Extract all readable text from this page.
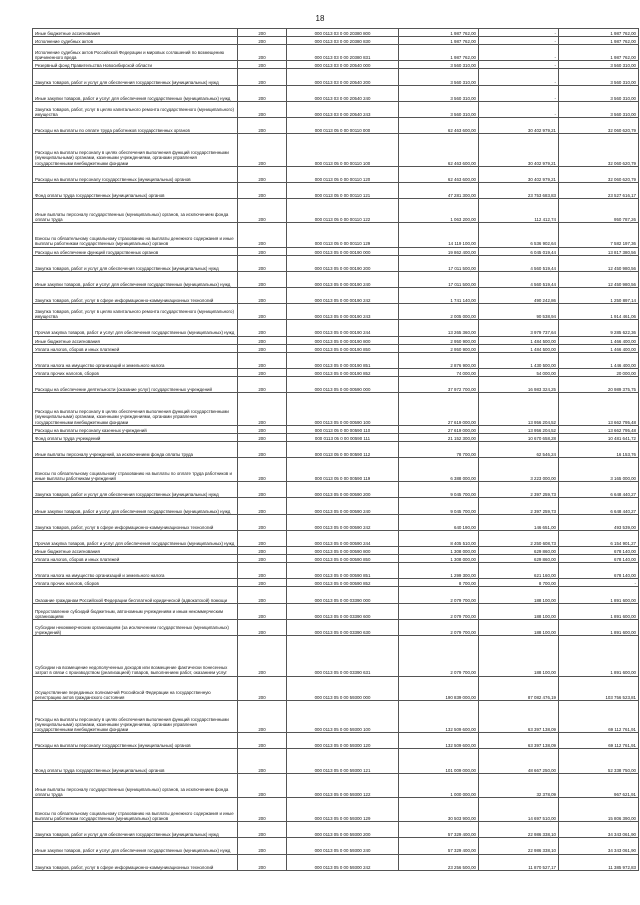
18
Иные бюджетные ассигнования	200	000 0113 03 0 00 20380 800	1 987 762,00	-	1 987 762,00
Исполнение судебных актов	200	000 0113 03 0 00 20380 830	1 987 762,00	-	1 987 762,00
Исполнение судебных актов Российской Федерации и мировых соглашений по возмещению причиненного вреда	200	000 0113 03 0 00 20380 831	1 987 762,00	-	1 987 762,00
Резервный фонд Правительства Новосибирской области	200	000 0113 03 0 00 20540 000	3 560 310,00	-	3 560 310,00
Закупка товаров, работ и услуг для обеспечения государственных (муниципальных) нужд	200	000 0113 03 0 00 20540 200	3 560 310,00	-	3 560 310,00
Иные закупки товаров, работ и услуг для обеспечения государственных (муниципальных) нужд	200	000 0113 03 0 00 20540 240	3 560 310,00	-	3 560 310,00
Закупка товаров, работ, услуг в целях капитального ремонта государственного (муниципального) имущества	200	000 0113 03 0 00 20540 243	3 560 310,00	-	3 560 310,00
Расходы на выплаты по оплате труда работников государственных органов	200	000 0113 05 0 00 00110 000	62 463 600,00	30 402 979,21	32 060 620,79
Расходы на выплаты персоналу в целях обеспечения выполнения функций государственными (муниципальными) органами, казенными учреждениями, органами управления государственными внебюджетными фондами	200	000 0113 05 0 00 00110 100	62 463 600,00	30 402 979,21	32 060 620,79
Расходы на выплаты персоналу государственных (муниципальных) органов	200	000 0113 05 0 00 00110 120	62 463 600,00	30 402 979,21	32 060 620,79
Фонд оплаты труда государственных (муниципальных) органов	200	000 0113 05 0 00 00110 121	47 281 300,00	23 753 683,83	23 527 616,17
Иные выплаты персоналу государственных (муниципальных) органов, за исключением фонда оплаты труда	200	000 0113 05 0 00 00110 122	1 063 200,00	112 412,74	950 787,26
Взносы по обязательному социальному страхованию на выплаты денежного содержания и иные выплаты работникам государственных (муниципальных) органов	200	000 0113 05 0 00 00110 129	14 119 100,00	6 536 902,64	7 582 197,36
Расходы на обеспечение функций государственных органов	200	000 0113 05 0 00 00190 000	19 862 400,00	6 045 019,44	13 817 380,56
Закупка товаров, работ и услуг для обеспечения государственных (муниципальных) нужд	200	000 0113 05 0 00 00190 200	17 011 500,00	4 560 519,44	12 450 980,56
Иные закупки товаров, работ и услуг для обеспечения государственных (муниципальных) нужд	200	000 0113 05 0 00 00190 240	17 011 500,00	4 560 519,44	12 450 980,56
Закупка товаров, работ, услуг в сфере информационно-коммуникационных технологий	200	000 0113 05 0 00 00190 242	1 741 140,00	490 242,86	1 250 897,14
Закупка товаров, работ, услуг в целях капитального ремонта государственного (муниципального) имущества	200	000 0113 05 0 00 00190 243	2 005 000,00	90 538,94	1 914 461,06
Прочая закупка товаров, работ и услуг для обеспечения государственных (муниципальных) нужд	200	000 0113 05 0 00 00190 244	13 265 360,00	3 979 737,64	9 285 622,36
Иные бюджетные ассигнования	200	000 0113 05 0 00 00190 800	2 950 900,00	1 484 500,00	1 466 400,00
Уплата налогов, сборов и иных платежей	200	000 0113 05 0 00 00190 850	2 950 900,00	1 484 500,00	1 466 400,00
Уплата налога на имущество организаций и земельного налога	200	000 0113 05 0 00 00190 851	2 876 900,00	1 430 500,00	1 446 400,00
Уплата прочих налогов, сборов	200	000 0113 05 0 00 00190 852	74 000,00	54 000,00	20 000,00
Расходы на обеспечение деятельности (оказание услуг) государственных учреждений	200	000 0113 05 0 00 00590 000	37 972 700,00	16 983 324,25	20 989 375,75
Расходы на выплаты персоналу в целях обеспечения выполнения функций государственными (муниципальными) органами, казенными учреждениями, органами управления государственными внебюджетными фондами	200	000 0113 05 0 00 00590 100	27 619 000,00	13 956 204,52	13 662 795,48
Расходы на выплаты персоналу казенных учреждений	200	000 0113 05 0 00 00590 110	27 619 000,00	13 956 204,52	13 662 795,48
Фонд оплаты труда учреждений	200	000 0113 05 0 00 00590 111	21 152 300,00	10 670 658,28	10 481 641,72
Иные выплаты персоналу учреждений, за исключением фонда оплаты труда	200	000 0113 05 0 00 00590 112	78 700,00	62 546,24	16 153,76
Взносы по обязательному социальному страхованию на выплаты по оплате труда работников и иные выплаты работникам учреждений	200	000 0113 05 0 00 00590 119	6 388 000,00	3 223 000,00	3 165 000,00
Закупка товаров, работ и услуг для обеспечения государственных (муниципальных) нужд	200	000 0113 05 0 00 00590 200	9 045 700,00	2 397 259,73	6 648 440,27
Иные закупки товаров, работ и услуг для обеспечения государственных (муниципальных) нужд	200	000 0113 05 0 00 00590 240	9 045 700,00	2 397 259,73	6 648 440,27
Закупка товаров, работ, услуг в сфере информационно-коммуникационных технологий	200	000 0113 05 0 00 00590 242	640 190,00	146 651,00	493 539,00
Прочая закупка товаров, работ и услуг для обеспечения государственных (муниципальных) нужд	200	000 0113 05 0 00 00590 244	8 405 510,00	2 250 608,73	6 154 901,27
Иные бюджетные ассигнования	200	000 0113 05 0 00 00590 800	1 308 000,00	629 860,00	678 140,00
Уплата налогов, сборов и иных платежей	200	000 0113 05 0 00 00590 850	1 308 000,00	629 860,00	678 140,00
Уплата налога на имущество организаций и земельного налога	200	000 0113 05 0 00 00590 851	1 299 300,00	621 160,00	678 140,00
Уплата прочих налогов, сборов	200	000 0113 05 0 00 00590 852	8 700,00	8 700,00	-
Оказание гражданам Российской Федерации бесплатной юридической (адвокатской) помощи	200	000 0113 05 0 00 03390 000	2 079 700,00	188 100,00	1 891 600,00
Предоставление субсидий бюджетным, автономным учреждениям и иным некоммерческим организациям	200	000 0113 05 0 00 03390 600	2 079 700,00	188 100,00	1 891 600,00
Субсидии некоммерческим организациям (за исключением государственных (муниципальных) учреждений)	200	000 0113 05 0 00 03390 630	2 079 700,00	188 100,00	1 891 600,00
Субсидии на возмещение недополученных доходов или возмещение фактически понесенных затрат в связи с производством (реализацией) товаров, выполнением работ, оказанием услуг	200	000 0113 05 0 00 03390 631	2 079 700,00	188 100,00	1 891 600,00
Осуществление переданных полномочий Российской Федерации на государственную регистрацию актов гражданского состояния	200	000 0113 05 0 00 59300 000	190 839 000,00	87 082 476,19	103 756 523,81
Расходы на выплаты персоналу в целях обеспечения выполнения функций государственными (муниципальными) органами, казенными учреждениями, органами управления государственными внебюджетными фондами	200	000 0113 05 0 00 59300 100	132 509 600,00	63 397 138,09	69 112 761,91
Расходы на выплаты персоналу государственных (муниципальных) органов	200	000 0113 05 0 00 59300 120	132 509 600,00	63 397 138,09	69 112 761,91
Фонд оплаты труда государственных (муниципальных) органов	200	000 0113 05 0 00 59300 121	101 009 000,00	48 667 250,00	52 338 750,00
Иные выплаты персоналу государственных (муниципальных) органов, за исключением фонда оплаты труда	200	000 0113 05 0 00 59300 122	1 000 000,00	32 378,09	967 621,91
Взносы по обязательному социальному страхованию на выплаты денежного содержания и иные выплаты работникам государственных (муниципальных) органов	200	000 0113 05 0 00 59300 129	30 503 900,00	14 697 510,00	15 806 390,00
Закупка товаров, работ и услуг для обеспечения государственных (муниципальных) нужд	200	000 0113 05 0 00 59300 200	57 329 400,00	22 986 338,10	34 343 061,90
Иные закупки товаров, работ и услуг для обеспечения государственных (муниципальных) нужд	200	000 0113 05 0 00 59300 240	57 329 400,00	22 986 338,10	34 343 061,90
Закупка товаров, работ, услуг в сфере информационно-коммуникационных технологий	200	000 0113 05 0 00 59300 242	23 256 500,00	11 870 527,17	11 385 972,83
